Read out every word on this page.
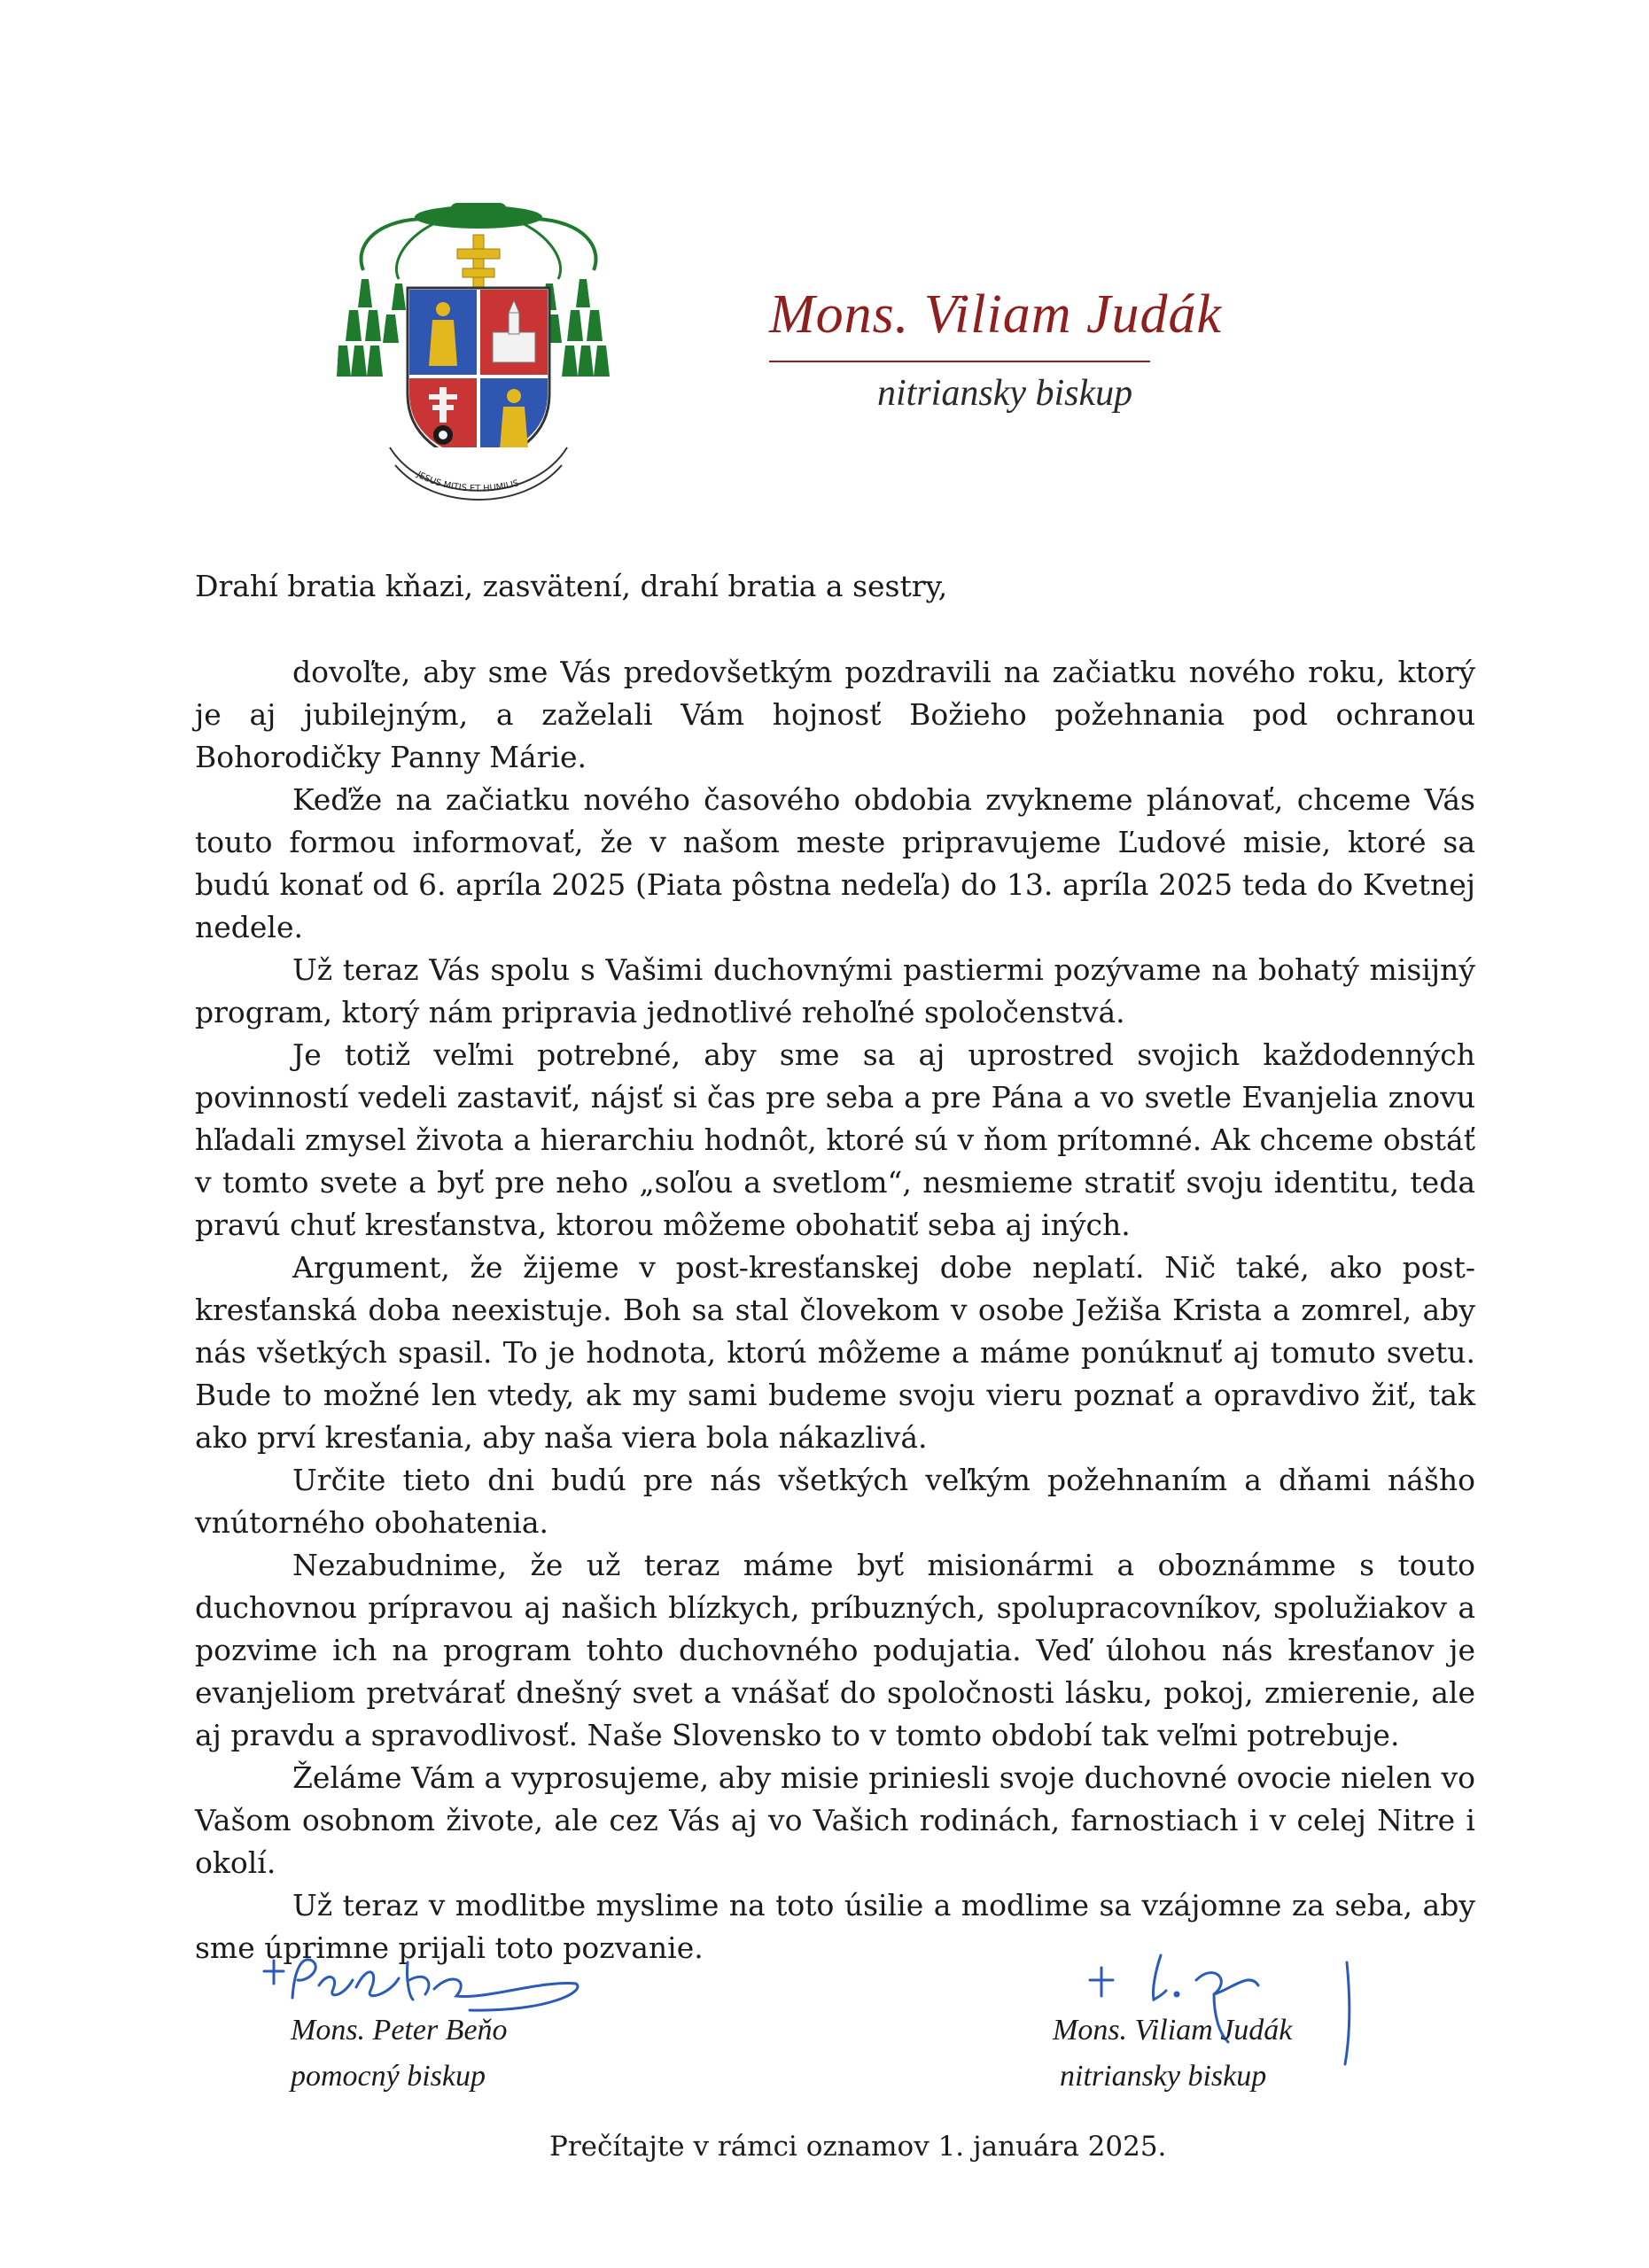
JESUS MITIS ET HUMILIS
Mons. Viliam Judák
nitriansky biskup
Drahí bratia kňazi, zasvätení, drahí bratia a sestry,

dovoľte, aby sme Vás predovšetkým pozdravili na začiatku nového roku, ktorý je aj jubilejným, a zaželali Vám hojnosť Božieho požehnania pod ochranou Bohorodičky Panny Márie.

Keďže na začiatku nového časového obdobia zvykneme plánovať, chceme Vás touto formou informovať, že v našom meste pripravujeme Ľudové misie, ktoré sa budú konať od 6. apríla 2025 (Piata pôstna nedeľa) do 13. apríla 2025 teda do Kvetnej nedele.

Už teraz Vás spolu s Vašimi duchovnými pastiermi pozývame na bohatý misijný program, ktorý nám pripravia jednotlivé rehoľné spoločenstvá.

Je totiž veľmi potrebné, aby sme sa aj uprostred svojich každodenných povinností vedeli zastaviť, nájsť si čas pre seba a pre Pána a vo svetle Evanjelia znovu hľadali zmysel života a hierarchiu hodnôt, ktoré sú v ňom prítomné. Ak chceme obstáť v tomto svete a byť pre neho „soľou a svetlom“, nesmieme stratiť svoju identitu, teda pravú chuť kresťanstva, ktorou môžeme obohatiť seba aj iných.

Argument, že žijeme v post-kresťanskej dobe neplatí. Nič také, ako post-kresťanská doba neexistuje. Boh sa stal človekom v osobe Ježiša Krista a zomrel, aby nás všetkých spasil. To je hodnota, ktorú môžeme a máme ponúknuť aj tomuto svetu. Bude to možné len vtedy, ak my sami budeme svoju vieru poznať a opravdivo žiť, tak ako prví kresťania, aby naša viera bola nákazlivá.

Určite tieto dni budú pre nás všetkých veľkým požehnaním a dňami nášho vnútorného obohatenia.

Nezabudnime, že už teraz máme byť misionármi a oboznámme s touto duchovnou prípravou aj našich blízkych, príbuzných, spolupracovníkov, spolužiakov a pozvime ich na program tohto duchovného podujatia. Veď úlohou nás kresťanov je evanjeliom pretvárať dnešný svet a vnášať do spoločnosti lásku, pokoj, zmierenie, ale aj pravdu a spravodlivosť. Naše Slovensko to v tomto období tak veľmi potrebuje.

Želáme Vám a vyprosujeme, aby misie priniesli svoje duchovné ovocie nielen vo Vašom osobnom živote, ale cez Vás aj vo Vašich rodinách, farnostiach i v celej Nitre i okolí.

Už teraz v modlitbe myslime na toto úsilie a modlime sa vzájomne za seba, aby sme úprimne prijali toto pozvanie.

Mons. Peter Beňo
pomocný biskup
Mons. Viliam Judák
nitriansky biskup
Prečítajte v rámci oznamov 1. januára 2025.
